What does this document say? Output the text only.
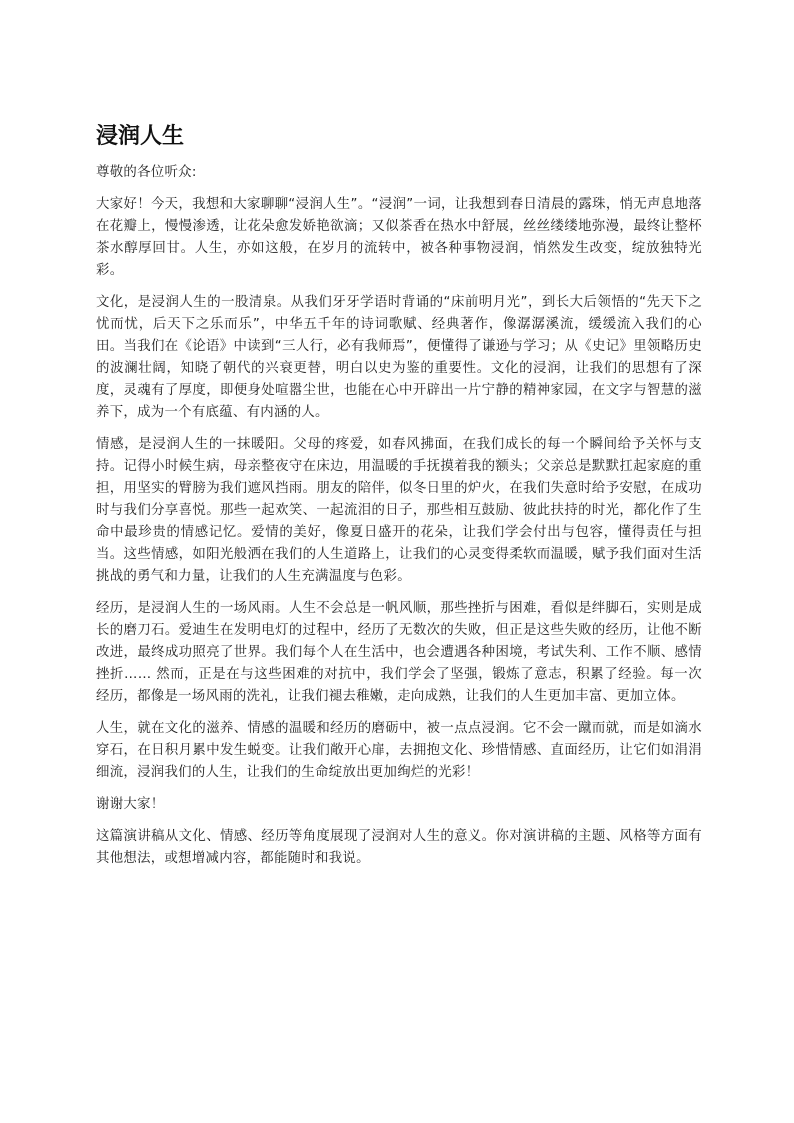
浸润人生

尊敬的各位听众:

大家好！今天，我想和大家聊聊“浸润人生”。“浸润”一词，让我想到春日清晨的露珠，悄无声息地落在花瓣上，慢慢渗透，让花朵愈发娇艳欲滴；又似茶香在热水中舒展，丝丝缕缕地弥漫，最终让整杯茶水醇厚回甘。人生，亦如这般，在岁月的流转中，被各种事物浸润，悄然发生改变，绽放独特光彩。

文化，是浸润人生的一股清泉。从我们牙牙学语时背诵的“床前明月光”，到长大后领悟的“先天下之忧而忧，后天下之乐而乐”，中华五千年的诗词歌赋、经典著作，像潺潺溪流，缓缓流入我们的心田。当我们在《论语》中读到“三人行，必有我师焉”，便懂得了谦逊与学习；从《史记》里领略历史的波澜壮阔，知晓了朝代的兴衰更替，明白以史为鉴的重要性。文化的浸润，让我们的思想有了深度，灵魂有了厚度，即便身处喧嚣尘世，也能在心中开辟出一片宁静的精神家园，在文字与智慧的滋养下，成为一个有底蕴、有内涵的人。

情感，是浸润人生的一抹暖阳。父母的疼爱，如春风拂面，在我们成长的每一个瞬间给予关怀与支持。记得小时候生病，母亲整夜守在床边，用温暖的手抚摸着我的额头；父亲总是默默扛起家庭的重担，用坚实的臂膀为我们遮风挡雨。朋友的陪伴，似冬日里的炉火，在我们失意时给予安慰，在成功时与我们分享喜悦。那些一起欢笑、一起流泪的日子，那些相互鼓励、彼此扶持的时光，都化作了生命中最珍贵的情感记忆。爱情的美好，像夏日盛开的花朵，让我们学会付出与包容，懂得责任与担当。这些情感，如阳光般洒在我们的人生道路上，让我们的心灵变得柔软而温暖，赋予我们面对生活挑战的勇气和力量，让我们的人生充满温度与色彩。

经历，是浸润人生的一场风雨。人生不会总是一帆风顺，那些挫折与困难，看似是绊脚石，实则是成长的磨刀石。爱迪生在发明电灯的过程中，经历了无数次的失败，但正是这些失败的经历，让他不断改进，最终成功照亮了世界。我们每个人在生活中，也会遭遇各种困境，考试失利、工作不顺、感情挫折…… 然而，正是在与这些困难的对抗中，我们学会了坚强，锻炼了意志，积累了经验。每一次经历，都像是一场风雨的洗礼，让我们褪去稚嫩，走向成熟，让我们的人生更加丰富、更加立体。

人生，就在文化的滋养、情感的温暖和经历的磨砺中，被一点点浸润。它不会一蹴而就，而是如滴水穿石，在日积月累中发生蜕变。让我们敞开心扉，去拥抱文化、珍惜情感、直面经历，让它们如涓涓细流，浸润我们的人生，让我们的生命绽放出更加绚烂的光彩！

谢谢大家！

这篇演讲稿从文化、情感、经历等角度展现了浸润对人生的意义。你对演讲稿的主题、风格等方面有其他想法，或想增减内容，都能随时和我说。
